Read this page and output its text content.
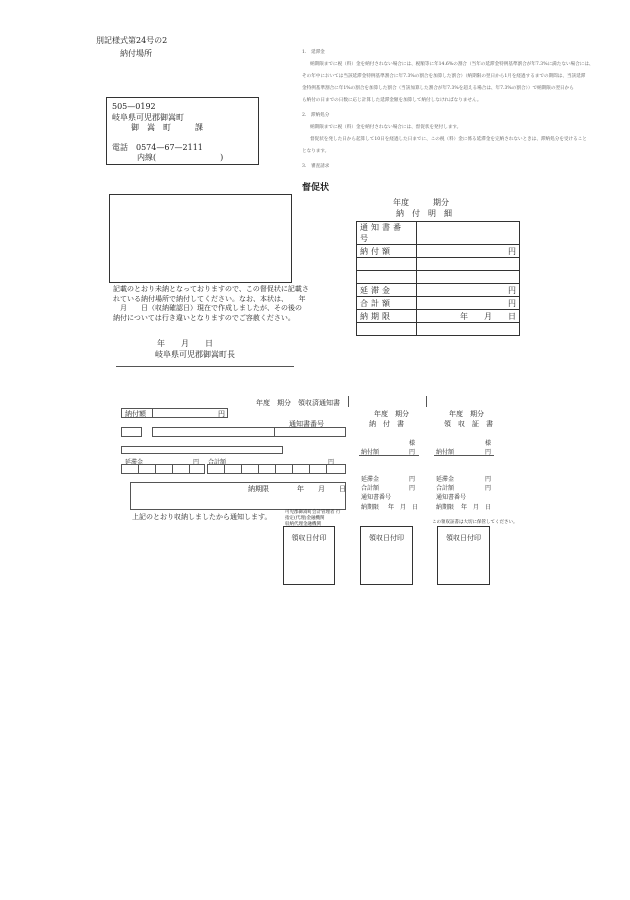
別記様式第24号の2
納付場所
505—0192
岐阜県可児郡御嵩町
御　嵩　町　　　課
電話　0574—67—2111
内線(　　　　　　　　)
1.　延滞金
納期限までに税（料）金を納付されない場合には、税額等に年14.6%の割合（当年の延滞金特例基準割合が年7.3%に満たない場合には、
その年中においては当該延滞金特例基準割合に年7.3%の割合を加算した割合）（納期限の翌日から1月を経過するまでの期間は、当該延滞
金特例基準割合に年1%の割合を加算した割合（当該加算した割合が年7.3%を超える場合は、年7.3%の割合））で納期限の翌日から
ら納付の日までの日数に応じ計算した延滞金額を加算して納付しなければなりません。
2.　滞納処分
納期限までに税（料）金を納付されない場合には、督促状を発付します。
督促状を発した日から起算して10日を経過した日までに、この税（料）金に係る延滞金を完納されないときは、滞納処分を受けること
となります。
3.　審査請求
督促状
記載のとおり未納となっておりますので、この督促状に記載さ
れている納付場所で納付してください。なお、本状は、　　年
　月　　日（収納確認日）現在で作成しましたが、その後の
納付については行き違いとなりますのでご容赦ください。
年　　月　　日
岐阜県可児郡御嵩町長
年度　　　期分
納　付　明　細
通知書番号	
納付額	円

延滞金	円
合計額	円
納期限	年　　月　　日

年度　期分　領収済通知書
納付額	円
通知書番号
延滞金	円 合計額	円
納期限	年　　月　　日
上記のとおり収納しましたから通知します。
可児郡御嵩町会計管理者 行
指定(代理)金融機関
収納代理金融機関
年度　期分
納　付　書
様
納付額	円
延滞金	円
合計額	円
通知書番号
納期限 年　月　日
年度　期分
領　収　証　書
様
納付額	円
延滞金	円
合計額	円
通知書番号
納期限 年　月　日
この領収証書は大切に保管してください。
領収日付印	領収日付印	領収日付印
